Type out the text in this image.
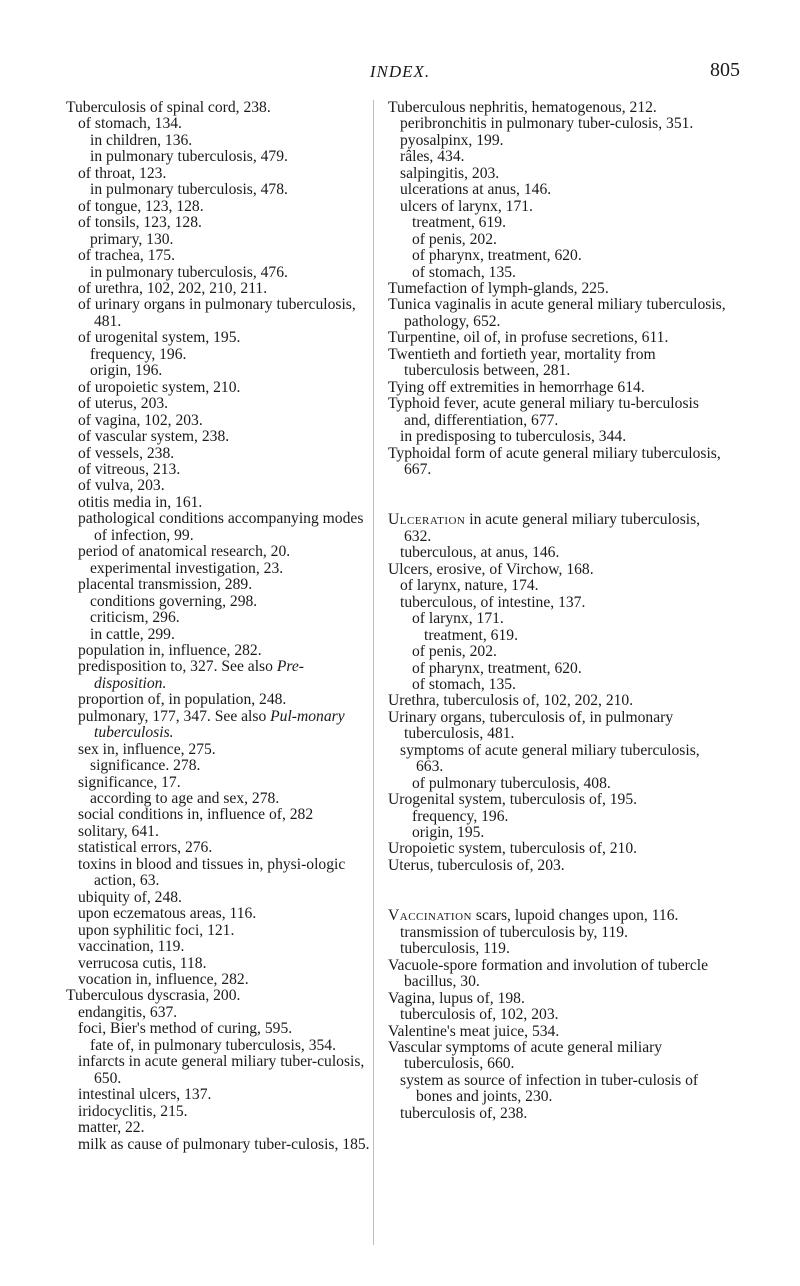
INDEX.	805
Tuberculosis of spinal cord, 238.
of stomach, 134.
in children, 136.
in pulmonary tuberculosis, 479.
of throat, 123.
in pulmonary tuberculosis, 478.
of tongue, 123, 128.
of tonsils, 123, 128.
primary, 130.
of trachea, 175.
in pulmonary tuberculosis, 476.
of urethra, 102, 202, 210, 211.
of urinary organs in pulmonary tuberculosis, 481.
of urogenital system, 195.
frequency, 196.
origin, 196.
of uropoietic system, 210.
of uterus, 203.
of vagina, 102, 203.
of vascular system, 238.
of vessels, 238.
of vitreous, 213.
of vulva, 203.
otitis media in, 161.
pathological conditions accompanying modes of infection, 99.
period of anatomical research, 20.
experimental investigation, 23.
placental transmission, 289.
conditions governing, 298.
criticism, 296.
in cattle, 299.
population in, influence, 282.
predisposition to, 327. See also Pre-disposition.
proportion of, in population, 248.
pulmonary, 177, 347. See also Pul-monary tuberculosis.
sex in, influence, 275.
significance. 278.
significance, 17.
according to age and sex, 278.
social conditions in, influence of, 282
solitary, 641.
statistical errors, 276.
toxins in blood and tissues in, physi-ologic action, 63.
ubiquity of, 248.
upon eczematous areas, 116.
upon syphilitic foci, 121.
vaccination, 119.
verrucosa cutis, 118.
vocation in, influence, 282.
Tuberculous dyscrasia, 200.
endangitis, 637.
foci, Bier's method of curing, 595.
fate of, in pulmonary tuberculosis, 354.
infarcts in acute general miliary tuber-culosis, 650.
intestinal ulcers, 137.
iridocyclitis, 215.
matter, 22.
milk as cause of pulmonary tuber-culosis, 185.
Tuberculous nephritis, hematogenous, 212.
peribronchitis in pulmonary tuber-culosis, 351.
pyosalpinx, 199.
râles, 434.
salpingitis, 203.
ulcerations at anus, 146.
ulcers of larynx, 171.
treatment, 619.
of penis, 202.
of pharynx, treatment, 620.
of stomach, 135.
Tumefaction of lymph-glands, 225.
Tunica vaginalis in acute general miliary tuberculosis, pathology, 652.
Turpentine, oil of, in profuse secretions, 611.
Twentieth and fortieth year, mortality from tuberculosis between, 281.
Tying off extremities in hemorrhage 614.
Typhoid fever, acute general miliary tu-berculosis and, differentiation, 677.
in predisposing to tuberculosis, 344.
Typhoidal form of acute general miliary tuberculosis, 667.
Ulceration in acute general miliary tuberculosis, 632.
tuberculous, at anus, 146.
Ulcers, erosive, of Virchow, 168.
of larynx, nature, 174.
tuberculous, of intestine, 137.
of larynx, 171.
treatment, 619.
of penis, 202.
of pharynx, treatment, 620.
of stomach, 135.
Urethra, tuberculosis of, 102, 202, 210.
Urinary organs, tuberculosis of, in pulmonary tuberculosis, 481.
symptoms of acute general miliary tuberculosis, 663.
of pulmonary tuberculosis, 408.
Urogenital system, tuberculosis of, 195.
frequency, 196.
origin, 195.
Uropoietic system, tuberculosis of, 210.
Uterus, tuberculosis of, 203.
Vaccination scars, lupoid changes upon, 116.
transmission of tuberculosis by, 119.
tuberculosis, 119.
Vacuole-spore formation and involution of tubercle bacillus, 30.
Vagina, lupus of, 198.
tuberculosis of, 102, 203.
Valentine's meat juice, 534.
Vascular symptoms of acute general miliary tuberculosis, 660.
system as source of infection in tuber-culosis of bones and joints, 230.
tuberculosis of, 238.
